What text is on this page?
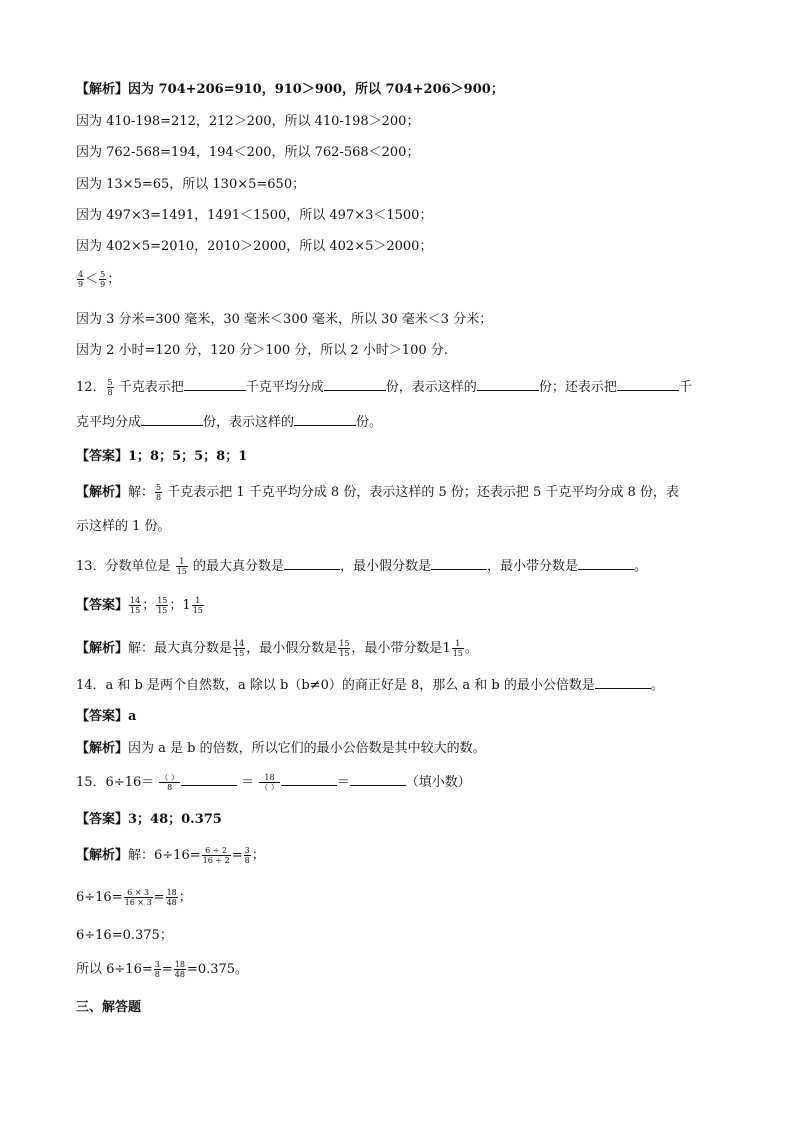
【解析】因为 704+206=910，910＞900，所以 704+206＞900；
因为 410-198=212，212＞200，所以 410-198＞200；
因为 762-568=194，194＜200，所以 762-568＜200；
因为 13×5=65，所以 130×5=650；
因为 497×3=1491，1491＜1500，所以 497×3＜1500；
因为 402×5=2010，2010＞2000，所以 402×5＞2000；
$\frac{4}{9} < \frac{5}{9}$ ；
因为 3 分米=300 毫米，30 毫米＜300 毫米，所以 30 毫米＜3 分米；
因为 2 小时=120 分，120 分＞100 分，所以 2 小时＞100 分.
12． $\frac{5}{8}$ 千克表示把	千克平均分成	份，表示这样的	份；还表示把	千
克平均分成	份，表示这样的	份。
【答案】1；8；5；5；8；1
【解析】解： $\frac{5}{8}$ 千克表示把 1 千克平均分成 8 份，表示这样的 5 份；还表示把 5 千克平均分成 8 份，表
示这样的 1 份。
13．分数单位是 $\frac{1}{15}$ 的最大真分数是	，最小假分数是	，最小带分数是	。
【答案】 $\frac{14}{15}$ ； $\frac{15}{15}$ ；$1 \frac{1}{15}$
【解析】解：最大真分数是 $\frac{14}{15}$ ，最小假分数是 $\frac{15}{15}$ ，最小带分数是$1 \frac{1}{15}$ 。
14．a 和 b 是两个自然数，a 除以 b（b≠0）的商正好是 8，那么 a 和 b 的最小公倍数是	。
【答案】a
【解析】因为 a 是 b 的倍数，所以它们的最小公倍数是其中较大的数。
15．$6\div 16= \frac{( )}{8}$	＝ $\frac{18}{( )}$	＝	（填小数）
【答案】3；48；0.375
【解析】解：$6\div 16= \frac{6 \div 2}{16 \div 2} = \frac{3}{8}$ ；
$6\div 16= \frac{6 \times 3}{16 \times 3} = \frac{18}{48}$ ；
6÷16=0.375；
所以 $6\div 16= \frac{3}{8} = \frac{18}{48} =0.375$。
三、解答题
